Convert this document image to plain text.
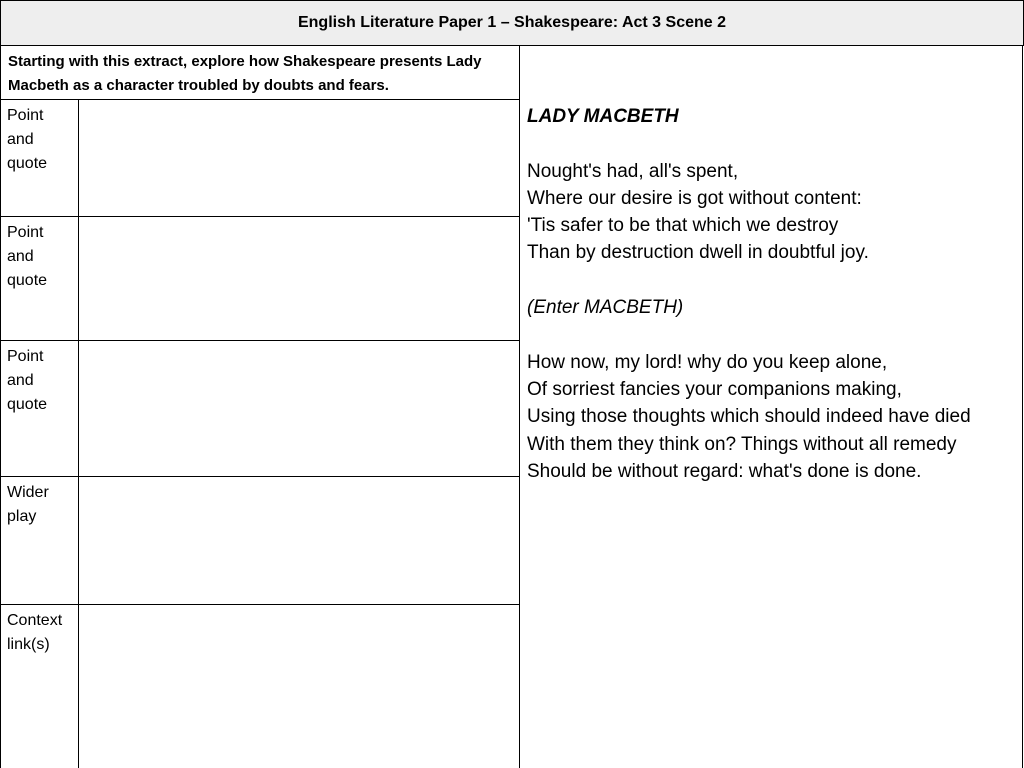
English Literature Paper 1 – Shakespeare: Act 3 Scene 2
Starting with this extract, explore how Shakespeare presents Lady Macbeth as a character troubled by doubts and fears.
Point and quote
Point and quote
Point and quote
Wider play
Context link(s)
LADY MACBETH
Nought's had, all's spent,
Where our desire is got without content:
'Tis safer to be that which we destroy
Than by destruction dwell in doubtful joy.
(Enter MACBETH)
How now, my lord! why do you keep alone,
Of sorriest fancies your companions making,
Using those thoughts which should indeed have died
With them they think on? Things without all remedy
Should be without regard: what's done is done.
